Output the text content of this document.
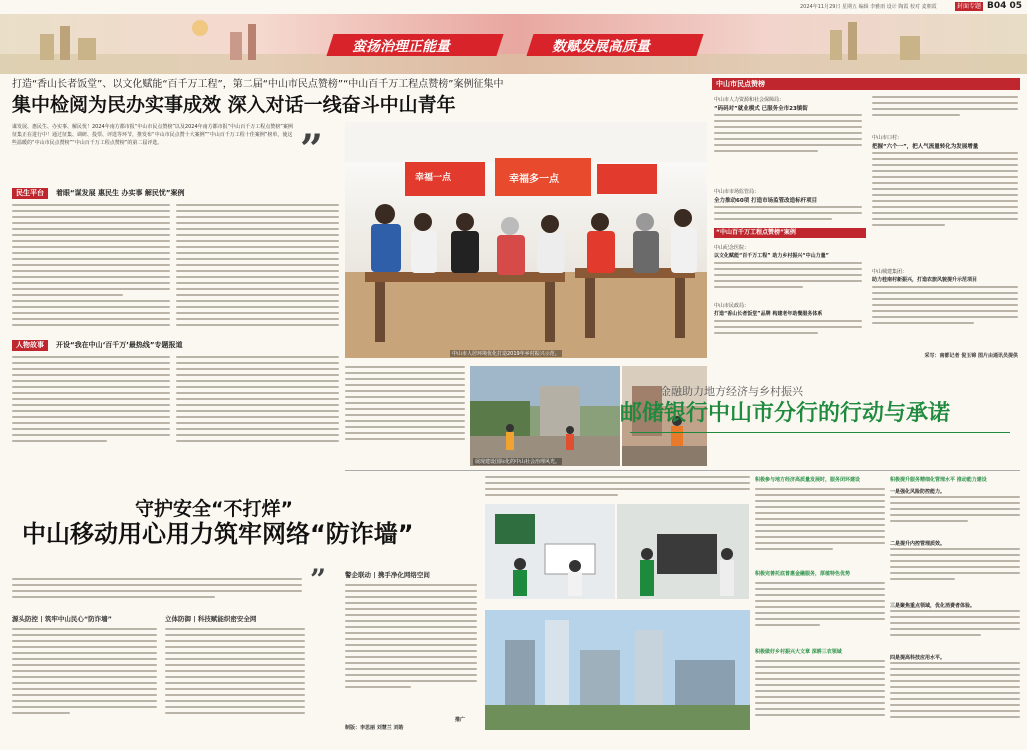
2024年11月29日 星期五 编辑 李雅雨 设计 陶霞 校对 麦朝霞	封面专题 B04 05
蛮扬治理正能量	数赋发展高质量
打造“香山长者饭堂”、以文化赋能“百千万工程”，第二届“中山市民点赞榜”“中山百千万工程点赞榜”案例征集中
集中检阅为民办实事成效 深入对话一线奋斗中山青年
谋发展、惠民生、办实事、解民忧！2024年南方都市报“中山市民点赞榜”以及2024年南方都市报“中山百千万工程点赞榜”案例征集正在进行中！通过征集、调研、投票、评选等环节，推发布“中山市民点赞十大案例”“中山百千万工程十佳案例”榜单，使这些温暖的“中山市民点赞榜”“中山百千万工程点赞榜”的第二届评选。	”
幸福一点	幸福多一点
中山市人居环境优化打造2019年乡村振兴示范。
民生平台	着眼“谋发展 惠民生 办实事 解民忧”案例
人物故事	开设“我在中山‘百千万’最热线”专题报道
展现建设国际化的中山社会治理风光。
中山市民点赞榜
中山市人力资源和社会保障局：
“码码对”就业模式 已服务全市23镇街
中山市市场监管局：
全力推动60项 打造市场监管改造标杆项目
“中山百千万工程点赞榜”案例
中山纪念医院：
以文化赋能“百千万工程” 助力乡村振兴“中山力量”
中山市民政局：
打造“香山长者饭堂”品牌 构建老年助餐服务体系
中山市口村：
把握“六个一”，把人气流量转化为发展增量
中山城建集团：
助力桂南村新振兴，打造农旅风貌提升示范项目
采写：南都记者 倪玉锦 图片由通讯员提供
金融助力地方经济与乡村振兴
邮储银行中山市分行的行动与承诺
积极参与地方经济高质量发展时，服务闭环建设
积极完善托底普惠金融服务，厚植特色优势
积极做好乡村振兴大文章 深耕三农领域
积极提升服务精细化管理水平 推动能力建设
一是强化风险防控能力。
二是提升内控管理质效。
三是聚焦重点领域，优化消费者体验。
四是提高科技应用水平。
守护安全“不打烊”
中山移动用心用力筑牢网络“防诈墙”
”
源头防控 | 筑牢中山民心“防诈墙”	立体防御 | 科技赋能织密安全网
警企联动 | 携手净化网络空间
推广
制版：李思丽 刘慧兰 刘皓
